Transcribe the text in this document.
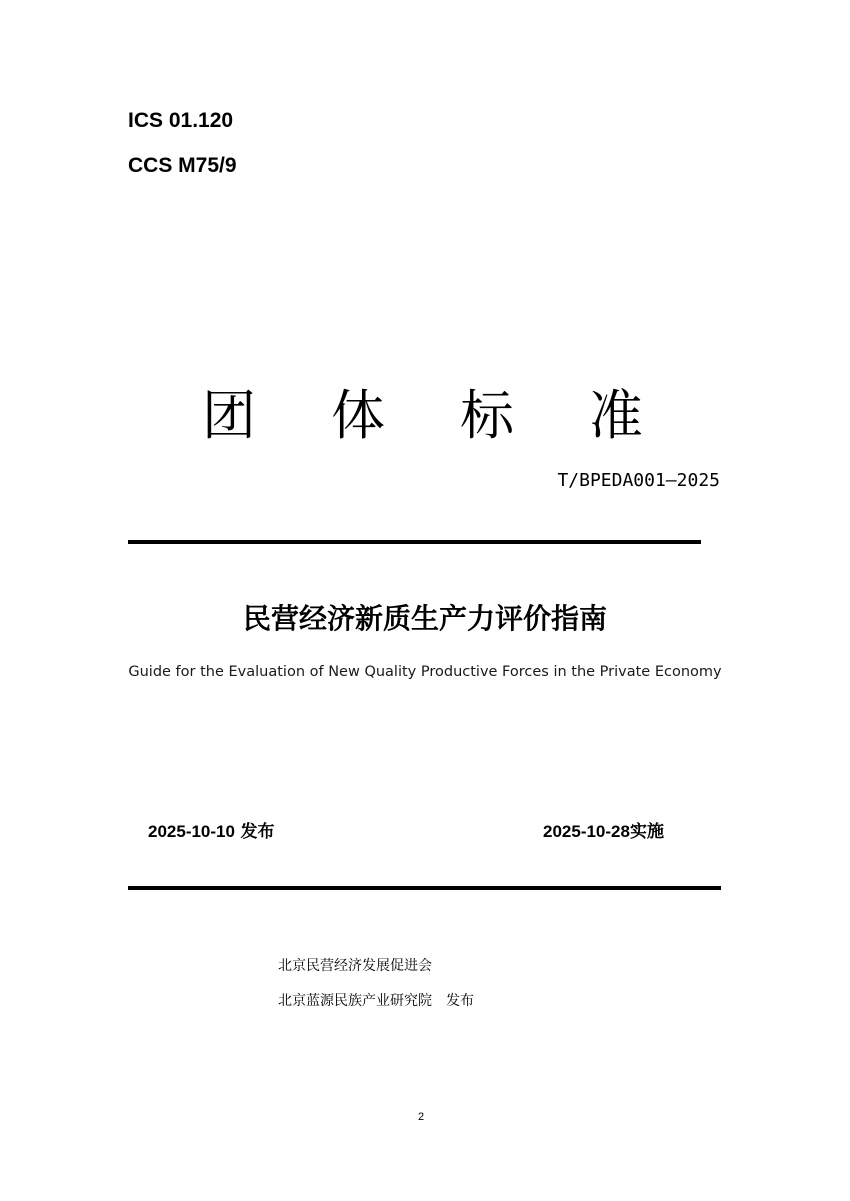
ICS 01.120
CCS M75/9
团 体 标 准
T/BPEDA001—2025
民营经济新质生产力评价指南
Guide for the Evaluation of New Quality Productive Forces in the Private Economy
2025-10-10 发布	2025-10-28实施
北京民营经济发展促进会
北京蓝源民族产业研究院 发布
2
